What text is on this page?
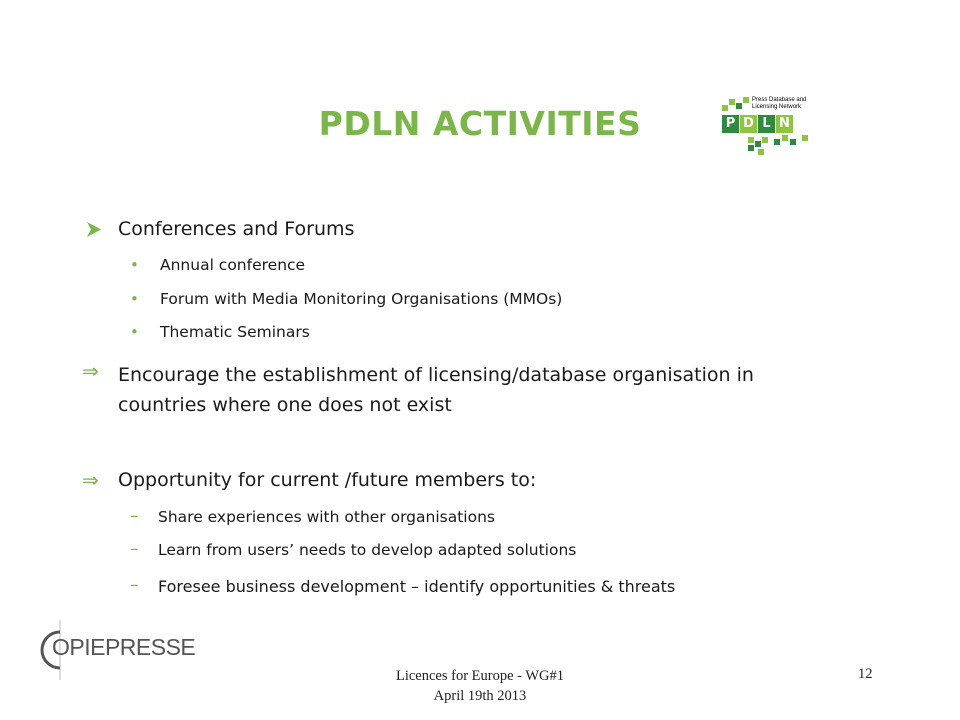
PDLN ACTIVITIES
Press Database and
Licensing Network
P D L N
Conferences and Forums
• Annual conference
• Forum with Media Monitoring Organisations (MMOs)
• Thematic Seminars
⇒ Encourage the establishment of licensing/database organisation in
countries where one does not exist
⇒ Opportunity for current /future members to:
– Share experiences with other organisations
– Learn from users’ needs to develop adapted solutions
– Foresee business development – identify opportunities & threats
OPIEPRESSE
Licences for Europe - WG#1
April 19th 2013
12
